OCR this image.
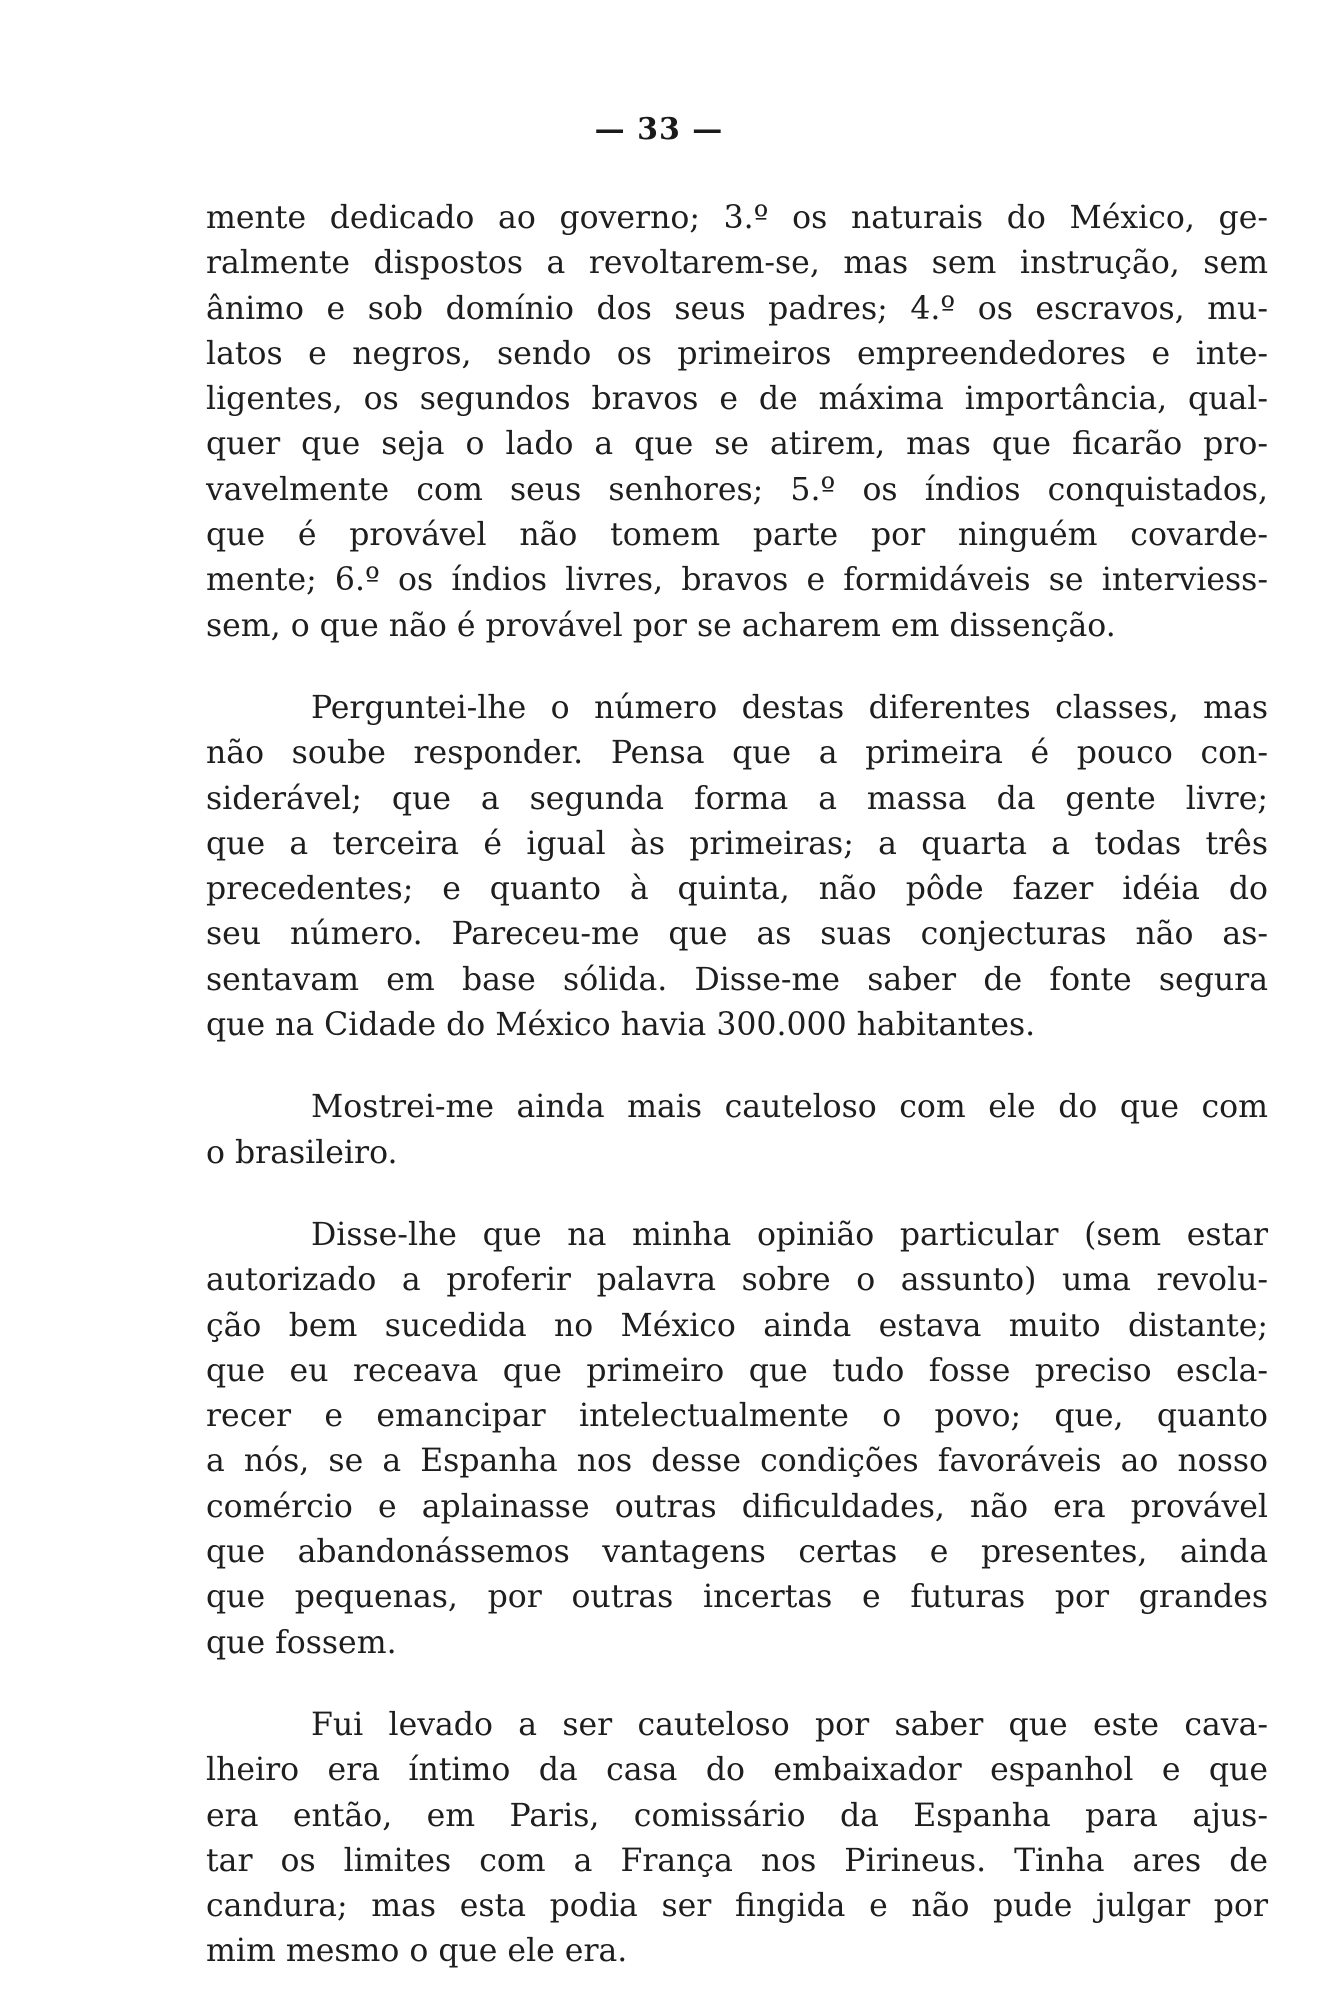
— 33 —
mente dedicado ao governo; 3.º os naturais do México, ge-
ralmente dispostos a revoltarem-se, mas sem instrução, sem
ânimo e sob domínio dos seus padres; 4.º os escravos, mu-
latos e negros, sendo os primeiros empreendedores e inte-
ligentes, os segundos bravos e de máxima importância, qual-
quer que seja o lado a que se atirem, mas que ficarão pro-
vavelmente com seus senhores; 5.º os índios conquistados,
que é provável não tomem parte por ninguém covarde-
mente; 6.º os índios livres, bravos e formidáveis se interviess-
sem, o que não é provável por se acharem em dissenção.
Perguntei-lhe o número destas diferentes classes, mas
não soube responder. Pensa que a primeira é pouco con-
siderável; que a segunda forma a massa da gente livre;
que a terceira é igual às primeiras; a quarta a todas três
precedentes; e quanto à quinta, não pôde fazer idéia do
seu número. Pareceu-me que as suas conjecturas não as-
sentavam em base sólida. Disse-me saber de fonte segura
que na Cidade do México havia 300.000 habitantes.
Mostrei-me ainda mais cauteloso com ele do que com
o brasileiro.
Disse-lhe que na minha opinião particular (sem estar
autorizado a proferir palavra sobre o assunto) uma revolu-
ção bem sucedida no México ainda estava muito distante;
que eu receava que primeiro que tudo fosse preciso escla-
recer e emancipar intelectualmente o povo; que, quanto
a nós, se a Espanha nos desse condições favoráveis ao nosso
comércio e aplainasse outras dificuldades, não era provável
que abandonássemos vantagens certas e presentes, ainda
que pequenas, por outras incertas e futuras por grandes
que fossem.
Fui levado a ser cauteloso por saber que este cava-
lheiro era íntimo da casa do embaixador espanhol e que
era então, em Paris, comissário da Espanha para ajus-
tar os limites com a França nos Pirineus. Tinha ares de
candura; mas esta podia ser fingida e não pude julgar por
mim mesmo o que ele era.
